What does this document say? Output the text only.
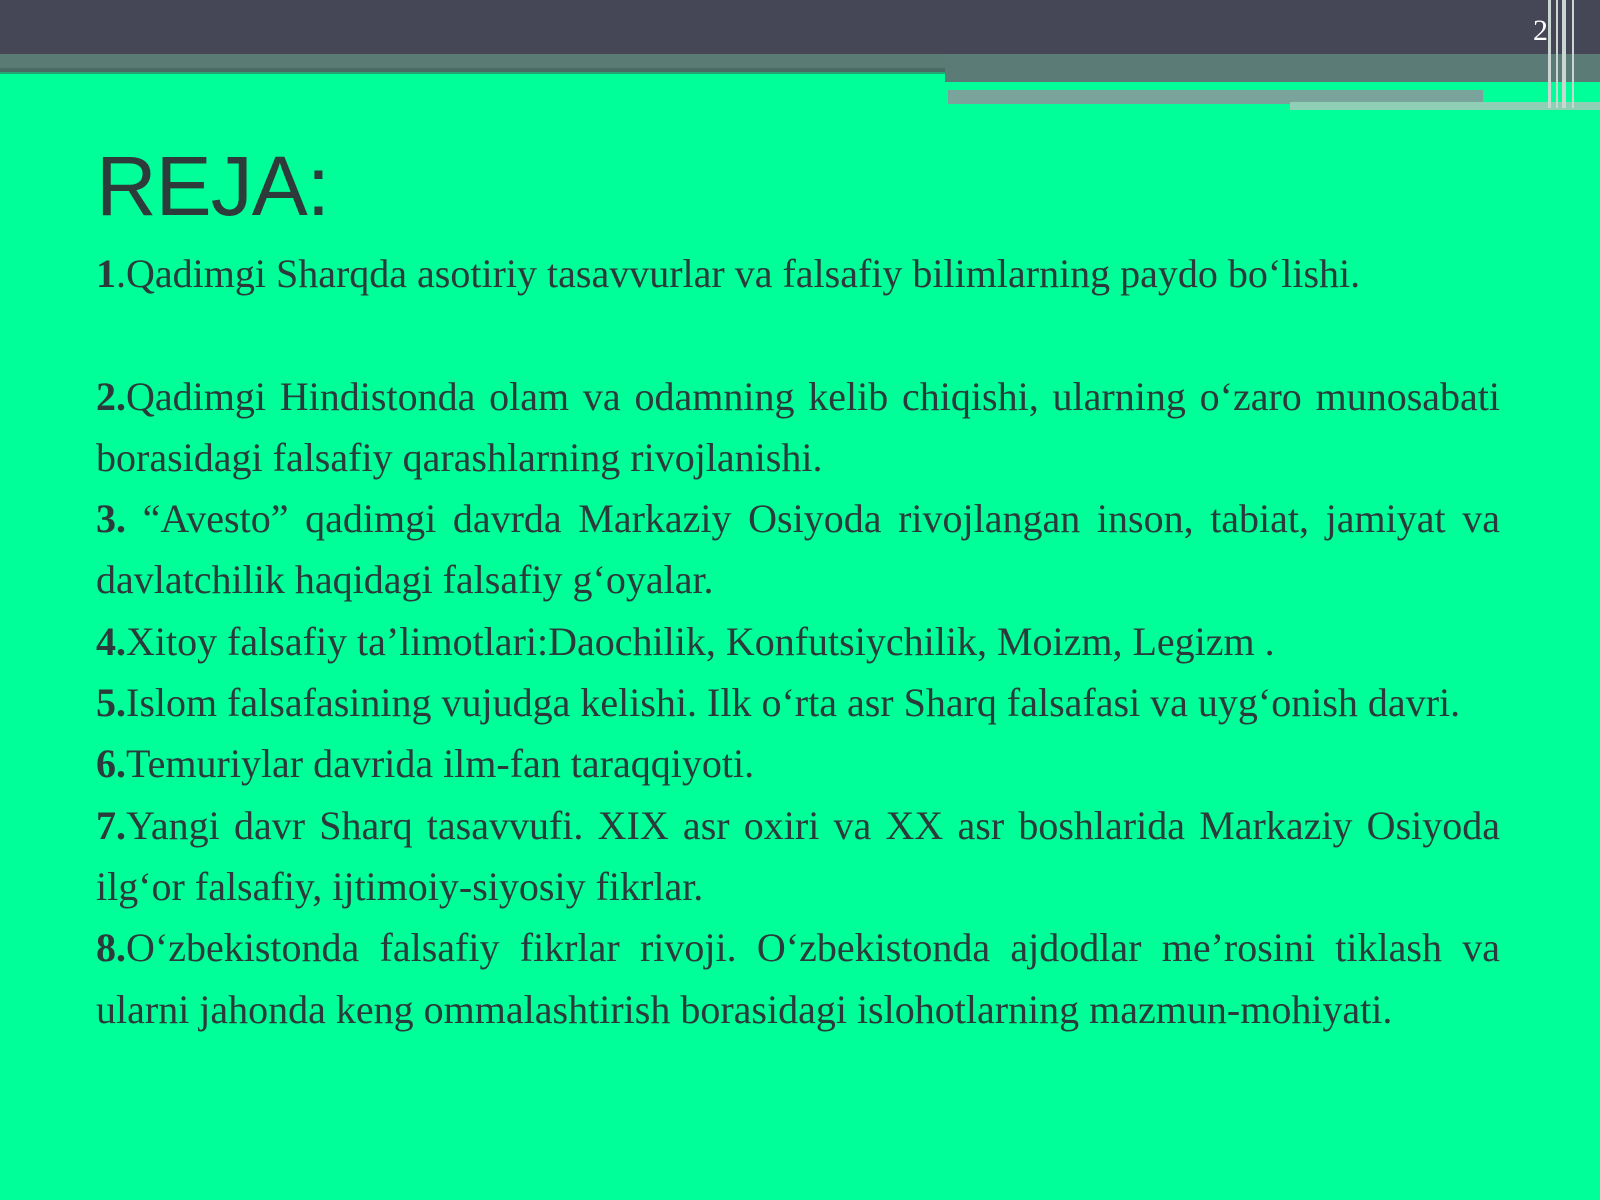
2
REJA:
1.Qadimgi Sharqda asotiriy tasavvurlar va falsafiy bilimlarning paydo bo‘lishi.
2.Qadimgi Hindistonda olam va odamning kelib chiqishi, ularning o‘zaro munosabati borasidagi falsafiy qarashlarning rivojlanishi.
3. “Avesto” qadimgi davrda Markaziy Osiyoda rivojlangan inson, tabiat, jamiyat va davlatchilik haqidagi falsafiy g‘oyalar.
4.Xitoy falsafiy ta’limotlari:Daochilik, Konfutsiychilik, Moizm, Legizm .
5.Islom falsafasining vujudga kelishi. Ilk o‘rta asr Sharq falsafasi va uyg‘onish davri.
6.Temuriylar davrida ilm-fan taraqqiyoti.
7.Yangi davr Sharq tasavvufi. XIX asr oxiri va XX asr boshlarida Markaziy Osiyoda ilg‘or falsafiy, ijtimoiy-siyosiy fikrlar.
8.O‘zbekistonda falsafiy fikrlar rivoji. O‘zbekistonda ajdodlar me’rosini tiklash va ularni jahonda keng ommalashtirish borasidagi islohotlarning mazmun-mohiyati.
